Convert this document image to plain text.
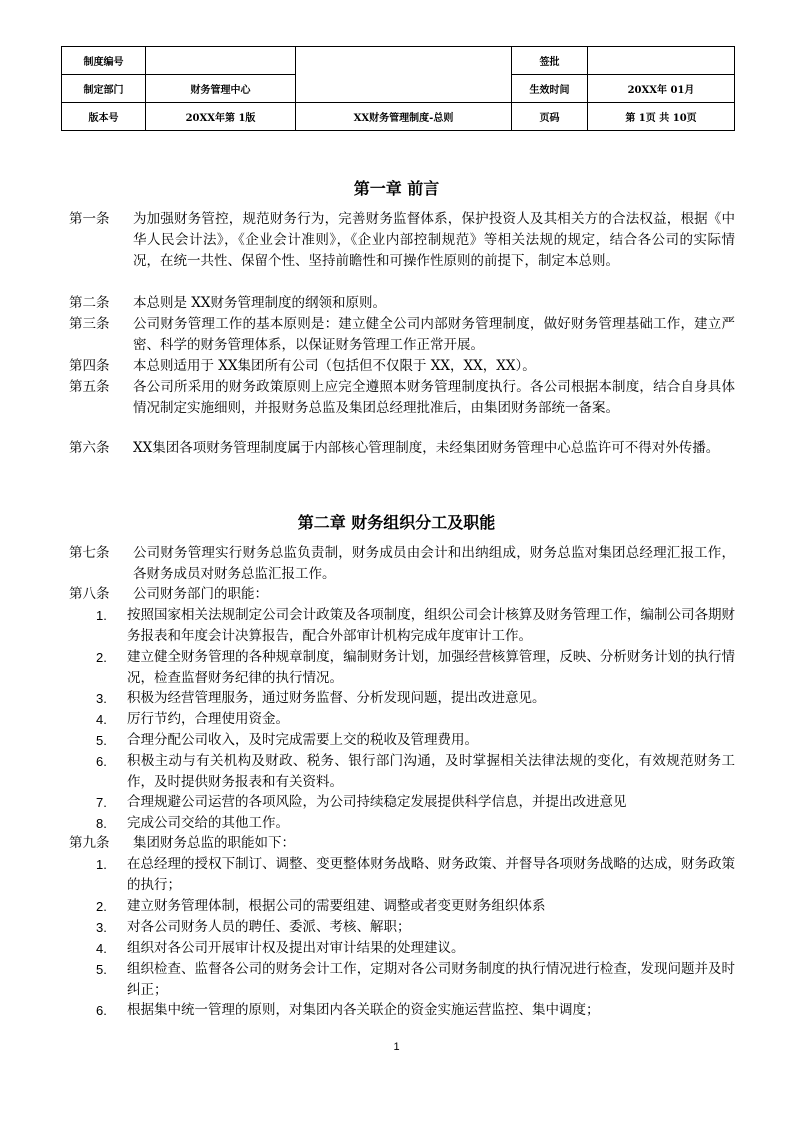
制度编号			签批	
制定部门	财务管理中心		生效时间	20XX年 01月
版本号	20XX年第 1版	XX财务管理制度-总则	页码	第 1页 共 10页
第一章 前言
第一条	为加强财务管控，规范财务行为，完善财务监督体系，保护投资人及其相关方的合法权益，根据《中华人民会计法》，《企业会计准则》，《企业内部控制规范》等相关法规的规定，结合各公司的实际情况，在统一共性、保留个性、坚持前瞻性和可操作性原则的前提下，制定本总则。
第二条	本总则是 XX财务管理制度的纲领和原则。
第三条	公司财务管理工作的基本原则是：建立健全公司内部财务管理制度，做好财务管理基础工作，建立严密、科学的财务管理体系，以保证财务管理工作正常开展。
第四条	本总则适用于 XX集团所有公司（包括但不仅限于 XX，XX，XX）。
第五条	各公司所采用的财务政策原则上应完全遵照本财务管理制度执行。各公司根据本制度，结合自身具体情况制定实施细则，并报财务总监及集团总经理批准后，由集团财务部统一备案。
第六条	XX集团各项财务管理制度属于内部核心管理制度，未经集团财务管理中心总监许可不得对外传播。
第二章 财务组织分工及职能
第七条	公司财务管理实行财务总监负责制，财务成员由会计和出纳组成，财务总监对集团总经理汇报工作，各财务成员对财务总监汇报工作。
第八条	公司财务部门的职能：
1.	按照国家相关法规制定公司会计政策及各项制度，组织公司会计核算及财务管理工作，编制公司各期财务报表和年度会计决算报告，配合外部审计机构完成年度审计工作。
2.	建立健全财务管理的各种规章制度，编制财务计划，加强经营核算管理，反映、分析财务计划的执行情况，检查监督财务纪律的执行情况。
3.	积极为经营管理服务，通过财务监督、分析发现问题，提出改进意见。
4.	厉行节约，合理使用资金。
5.	合理分配公司收入，及时完成需要上交的税收及管理费用。
6.	积极主动与有关机构及财政、税务、银行部门沟通，及时掌握相关法律法规的变化，有效规范财务工作，及时提供财务报表和有关资料。
7.	合理规避公司运营的各项风险，为公司持续稳定发展提供科学信息，并提出改进意见
8.	完成公司交给的其他工作。
第九条	集团财务总监的职能如下：
1.	在总经理的授权下制订、调整、变更整体财务战略、财务政策、并督导各项财务战略的达成，财务政策的执行；
2.	建立财务管理体制，根据公司的需要组建、调整或者变更财务组织体系
3.	对各公司财务人员的聘任、委派、考核、解职；
4.	组织对各公司开展审计权及提出对审计结果的处理建议。
5.	组织检查、监督各公司的财务会计工作，定期对各公司财务制度的执行情况进行检查，发现问题并及时纠正；
6.	根据集中统一管理的原则，对集团内各关联企的资金实施运营监控、集中调度；
1
